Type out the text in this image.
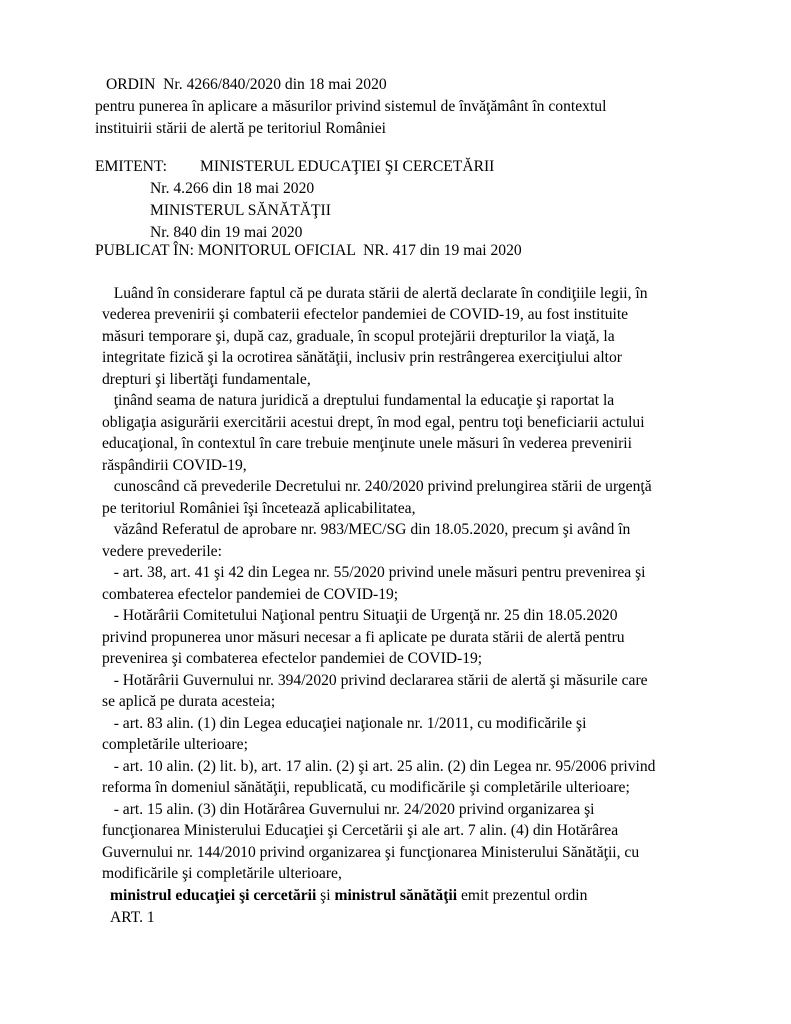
ORDIN  Nr. 4266/840/2020 din 18 mai 2020
pentru punerea în aplicare a măsurilor privind sistemul de învăţământ în contextul
instituirii stării de alertă pe teritoriul României
EMITENT: MINISTERUL EDUCAŢIEI ŞI CERCETĂRII
Nr. 4.266 din 18 mai 2020
MINISTERUL SĂNĂTĂŢII
Nr. 840 din 19 mai 2020
PUBLICAT ÎN: MONITORUL OFICIAL  NR. 417 din 19 mai 2020
Luând în considerare faptul că pe durata stării de alertă declarate în condiţiile legii, în
vederea prevenirii şi combaterii efectelor pandemiei de COVID-19, au fost instituite
măsuri temporare şi, după caz, graduale, în scopul protejării drepturilor la viaţă, la
integritate fizică şi la ocrotirea sănătăţii, inclusiv prin restrângerea exerciţiului altor
drepturi şi libertăţi fundamentale,
ţinând seama de natura juridică a dreptului fundamental la educaţie şi raportat la
obligaţia asigurării exercitării acestui drept, în mod egal, pentru toţi beneficiarii actului
educaţional, în contextul în care trebuie menţinute unele măsuri în vederea prevenirii
răspândirii COVID-19,
cunoscând că prevederile Decretului nr. 240/2020 privind prelungirea stării de urgenţă
pe teritoriul României îşi încetează aplicabilitatea,
văzând Referatul de aprobare nr. 983/MEC/SG din 18.05.2020, precum şi având în
vedere prevederile:
- art. 38, art. 41 şi 42 din Legea nr. 55/2020 privind unele măsuri pentru prevenirea şi
combaterea efectelor pandemiei de COVID-19;
- Hotărârii Comitetului Naţional pentru Situaţii de Urgenţă nr. 25 din 18.05.2020
privind propunerea unor măsuri necesar a fi aplicate pe durata stării de alertă pentru
prevenirea şi combaterea efectelor pandemiei de COVID-19;
- Hotărârii Guvernului nr. 394/2020 privind declararea stării de alertă şi măsurile care
se aplică pe durata acesteia;
- art. 83 alin. (1) din Legea educaţiei naţionale nr. 1/2011, cu modificările şi
completările ulterioare;
- art. 10 alin. (2) lit. b), art. 17 alin. (2) şi art. 25 alin. (2) din Legea nr. 95/2006 privind
reforma în domeniul sănătăţii, republicată, cu modificările şi completările ulterioare;
- art. 15 alin. (3) din Hotărârea Guvernului nr. 24/2020 privind organizarea şi
funcţionarea Ministerului Educaţiei şi Cercetării şi ale art. 7 alin. (4) din Hotărârea
Guvernului nr. 144/2010 privind organizarea şi funcţionarea Ministerului Sănătăţii, cu
modificările şi completările ulterioare,
ministrul educaţiei şi cercetării şi ministrul sănătăţii emit prezentul ordin
ART. 1
